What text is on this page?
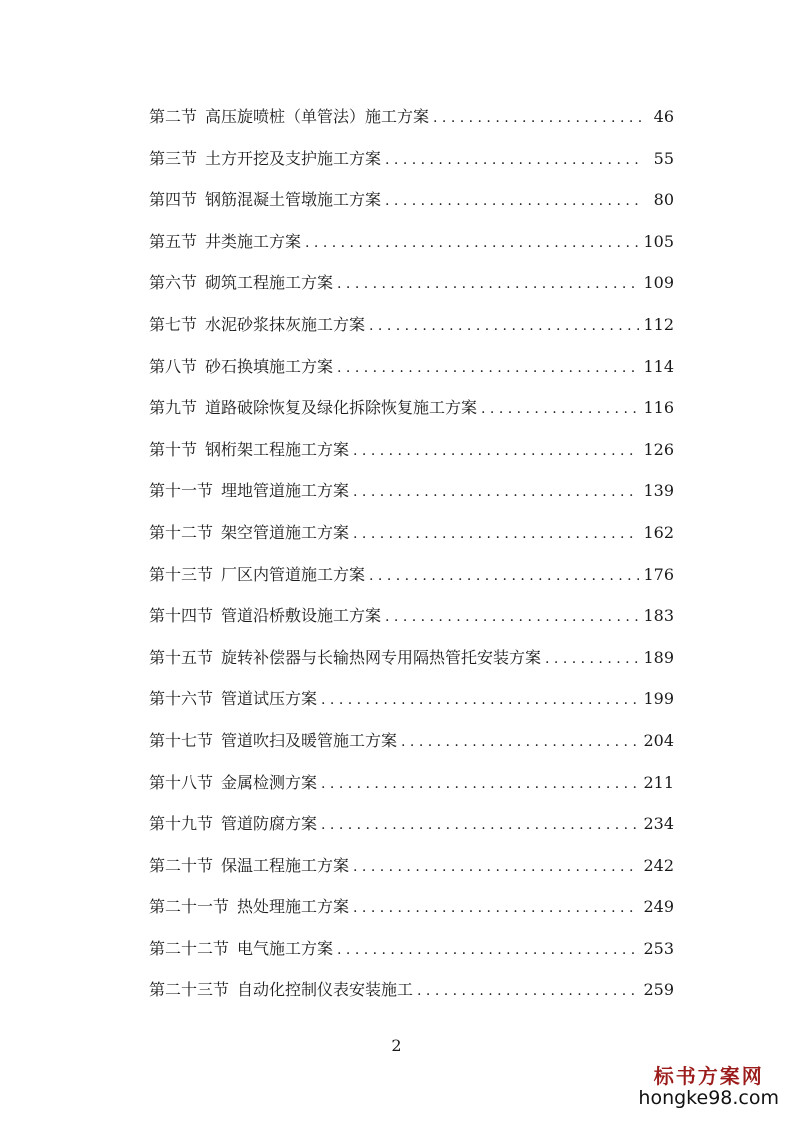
第二节 高压旋喷桩（单管法）施工方案 . . .	46
第三节 土方开挖及支护施工方案 . . .	55
第四节 钢筋混凝土管墩施工方案 . . .	80
第五节 井类施工方案 . . .	105
第六节 砌筑工程施工方案 . . .	109
第七节 水泥砂浆抹灰施工方案 . . .	112
第八节 砂石换填施工方案 . . .	114
第九节 道路破除恢复及绿化拆除恢复施工方案 . . .	116
第十节 钢桁架工程施工方案 . . .	126
第十一节 埋地管道施工方案 . . .	139
第十二节 架空管道施工方案 . . .	162
第十三节 厂区内管道施工方案 . . .	176
第十四节 管道沿桥敷设施工方案 . . .	183
第十五节 旋转补偿器与长输热网专用隔热管托安装方案 . . .	189
第十六节 管道试压方案 . . .	199
第十七节 管道吹扫及暖管施工方案 . . .	204
第十八节 金属检测方案 . . .	211
第十九节 管道防腐方案 . . .	234
第二十节 保温工程施工方案 . . .	242
第二十一节 热处理施工方案 . . .	249
第二十二节 电气施工方案 . . .	253
第二十三节 自动化控制仪表安装施工 . . .	259
2
标书方案网
hongke98.com
